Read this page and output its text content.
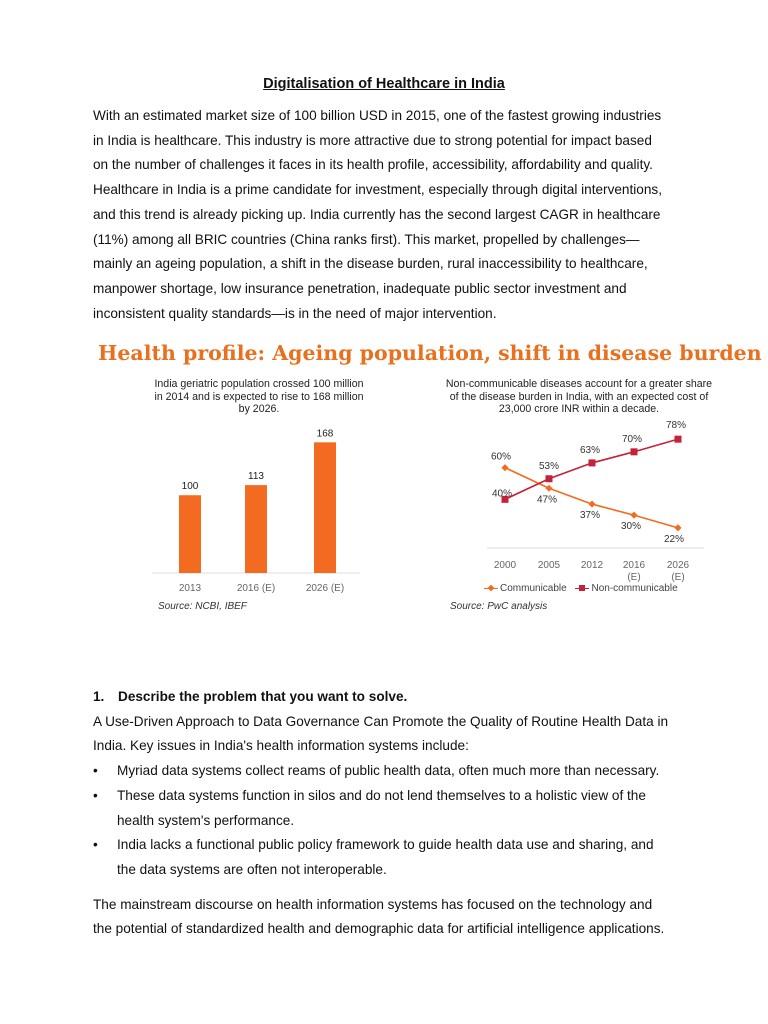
Digitalisation of Healthcare in India

With an estimated market size of 100 billion USD in 2015, one of the fastest growing industries in India is healthcare. This industry is more attractive due to strong potential for impact based on the number of challenges it faces in its health profile, accessibility, affordability and quality. Healthcare in India is a prime candidate for investment, especially through digital interventions, and this trend is already picking up. India currently has the second largest CAGR in healthcare (11%) among all BRIC countries (China ranks first). This market, propelled by challenges—mainly an ageing population, a shift in the disease burden, rural inaccessibility to healthcare, manpower shortage, low insurance penetration, inadequate public sector investment and inconsistent quality standards—is in the need of major intervention.

Health profile: Ageing population, shift in disease burden

India geriatric population crossed 100 million in 2014 and is expected to rise to 168 million by 2026.

Non-communicable diseases account for a greater share of the disease burden in India, with an expected cost of 23,000 crore INR within a decade.

100
2013
113
2016 (E)
168
2026 (E)
2000 2005 2012 2016
(E)
2026
(E)
60%
47%
37%
30%
22%
40%
53%
63%
70%
78%
Communicable Non-communicable

Source: NCBI, IBEF	Source: PwC analysis

1. Describe the problem that you want to solve.

A Use-Driven Approach to Data Governance Can Promote the Quality of Routine Health Data in India. Key issues in India's health information systems include:

• Myriad data systems collect reams of public health data, often much more than necessary.
• These data systems function in silos and do not lend themselves to a holistic view of the health system's performance.
• India lacks a functional public policy framework to guide health data use and sharing, and the data systems are often not interoperable.

The mainstream discourse on health information systems has focused on the technology and the potential of standardized health and demographic data for artificial intelligence applications.
